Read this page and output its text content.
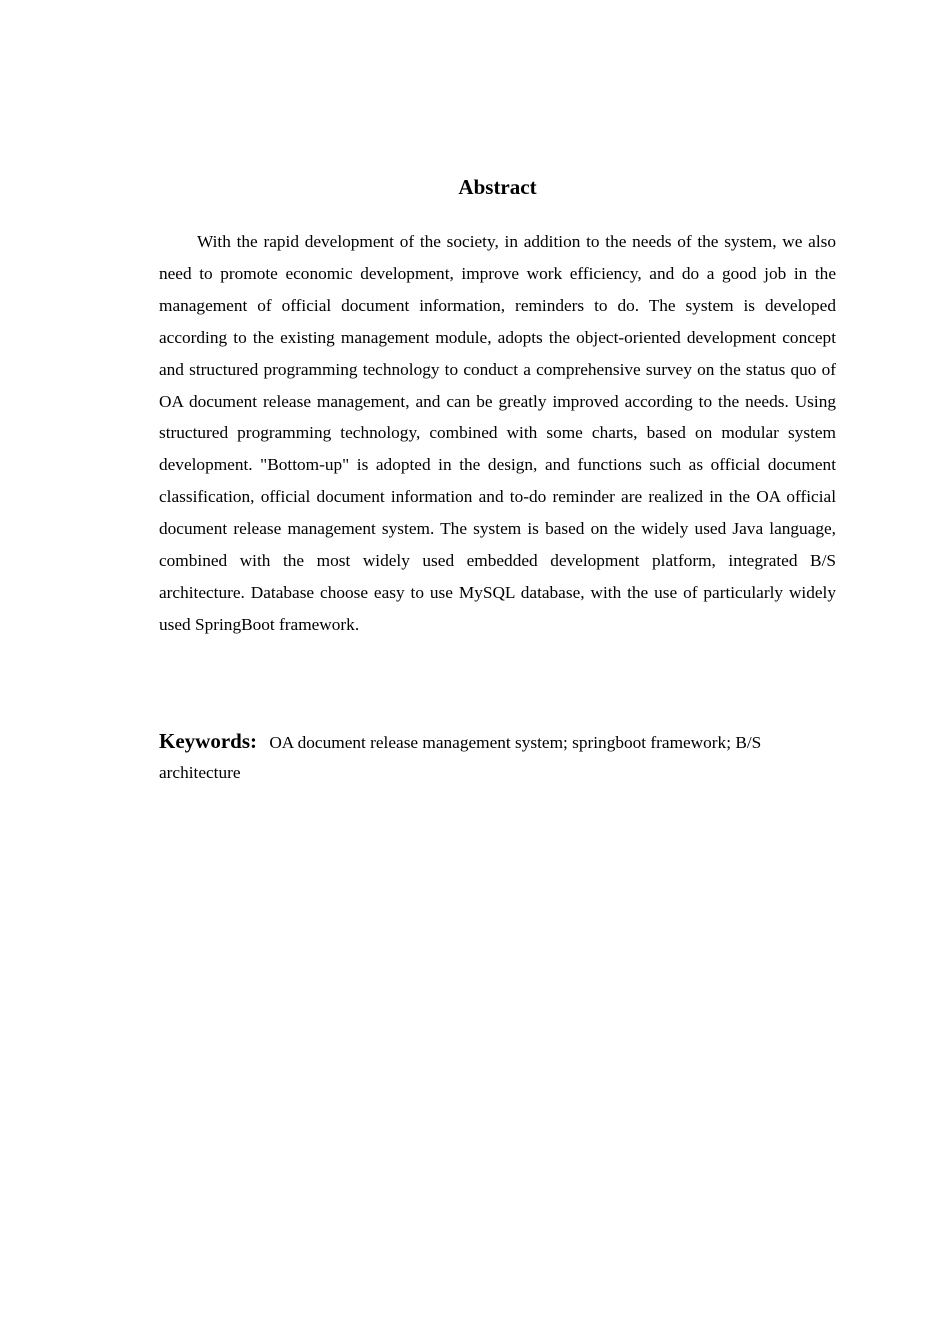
Abstract

With the rapid development of the society, in addition to the needs of the system, we also need to promote economic development, improve work efficiency, and do a good job in the management of official document information, reminders to do. The system is developed according to the existing management module, adopts the object-oriented development concept and structured programming technology to conduct a comprehensive survey on the status quo of OA document release management, and can be greatly improved according to the needs. Using structured programming technology, combined with some charts, based on modular system development. "Bottom-up" is adopted in the design, and functions such as official document classification, official document information and to-do reminder are realized in the OA official document release management system. The system is based on the widely used Java language, combined with the most widely used embedded development platform, integrated B/S architecture. Database choose easy to use MySQL database, with the use of particularly widely used SpringBoot framework.

Keywords: OA document release management system; springboot framework; B/S architecture
